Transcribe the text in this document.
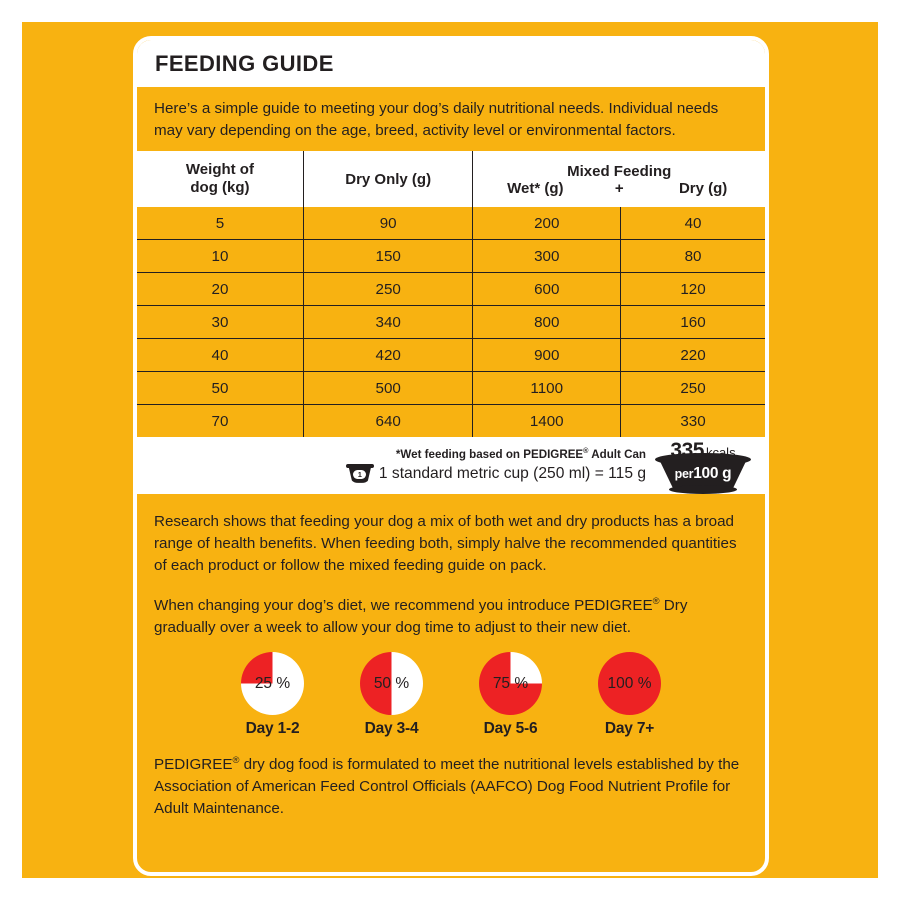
FEEDING GUIDE
Here’s a simple guide to meeting your dog’s daily nutritional needs. Individual needs may vary depending on the age, breed, activity level or environmental factors.
Weight of
dog (kg)	Dry Only (g)	Mixed Feeding
Wet* (g)	+	Dry (g)

5	90	200	40
10	150	300	80
20	250	600	120
30	340	800	160
40	420	900	220
50	500	1100	250
70	640	1400	330
*Wet feeding based on PEDIGREE® Adult Can
1 1 standard metric cup (250 ml) = 115 g
335 kcals
per100 g

Research shows that feeding your dog a mix of both wet and dry products has a broad range of health benefits. When feeding both, simply halve the recommended quantities of each product or follow the mixed feeding guide on pack.

When changing your dog’s diet, we recommend you introduce PEDIGREE® Dry gradually over a week to allow your dog time to adjust to their new diet.

25
%
Day 1-2
50
%
Day 3-4
75
%
Day 5-6
100
%
Day 7+
PEDIGREE® dry dog food is formulated to meet the nutritional levels established by the Association of American Feed Control Officials (AAFCO) Dog Food Nutrient Profile for Adult Maintenance.
